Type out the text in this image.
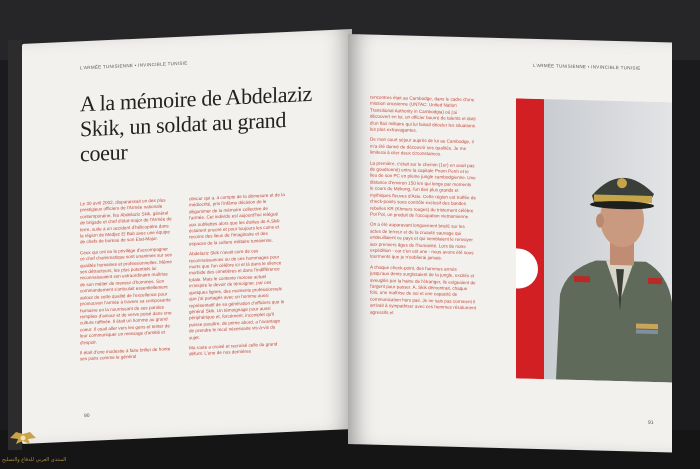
L'ARMÉE TUNISIENNE • INVINCIBLE TUNISIE
A la mémoire de Abdelaziz Skik, un soldat au grand coeur

Le 30 avril 2002, disparaissait un des plus prestigieux officiers de l'Armée nationale contemporaine, feu Abdelaziz Skik, général de brigade et chef d'état-major de l'Armée de terre, suite à un accident d'hélicoptère dans la région de Medjez El Bab avec une équipe de chefs de bureau de son Etat-Major.

Ceux qui ont eu le privilège d'accompagner ce chef charismatique sont unanimes sur ses qualités humaines et professionnelles. Même ses détracteurs, les plus potentiels lui reconnaissaient son extraordinaire maîtrise de son métier de meneur d'hommes. Son commandement s'articulait essentiellement autour de cette qualité de l'excellence pour promouvoir l'armée à travers sa composante humaine en la nourrissant de ses paroles remplies d'amour et de verve puisé dans une culture raffinée. Il était un homme au grand coeur. Il osait aller vers les gens et tenter de leur communiquer un message d'amitié et d'espoir.

Il était d'une modestie à faire briller de honte ses pairs comme le général

obscur qui a, à compte de la démesure et de la médiocrité, pris l'infâme décision de le dégommer de la mémoire collective de l'armée. Cet individu est aujourd'hui relégué aux oubliettes alors que les étoiles de A.Skik éclairent encore et pour toujours les coins et recoins des lieux de l'imaginaire et des espaces de la culture militaire tunisienne.

Abdelaziz Skik n'avait cure de ces reconnaissances ou de ces hommages pour morts que l'on célèbre ici et là dans le silence morbide des cimetières et dans l'indifférence totale. Mais le contexte morose actuel m'inspire le devoir de témoigner, par ces quelques lignes, des moments professionnels que j'ai partagés avec un homme aussi représentatif de sa génération d'officiers que le général Skik. Un témoignage pour aussi périphérique et, forcément, incomplet qu'il puisse paraître, de prime abord, a l'avantage de prendre le recul nécessaire vis-à-vis du sujet.

Ma route a croisé et recroisé celle du grand défunt. L'une de nos dernières

90
L'ARMÉE TUNISIENNE • INVINCIBLE TUNISIE

rencontres était au Cambodge, dans le cadre d'une mission onusienne (UNTAC: United Nation Transitional Authority in Cambodgia) où j'ai découvert en lui, un officier bourré de talents et doté d'un flair militaire qui lui faisait déceler les situations les plus extravagantes.

De mon court séjour auprès de lui au Cambodge, il m'a été donné de découvrir ses qualités. Je me limiterai à citer deux circonstances.

La première, c'était sur le chemin (1er) en avait pas de goudronné) entre la capitale Pnom Penh et le lieu de son PC en pleine jungle cambodgienne. Une distance d'environ 150 km qui longe par moments le cours du Mékong, l'un des plus grands et mythiques fleuves d'Asie. Cette région est truffée de check-points sous contrôle exclusif des bandes rebelles KR (Khmers rouges) du tristement célèbre Pol Pot, un produit de l'occupation vietnamienne.

On a été auparavant longuement briefé sur les actes de terreur et de la cruauté sauvage qui endeuillaient ce pays et qui semblaient le renvoyer aux premiers âges de l'humanité. Lors de notre expédition - car c'en est une - nous avons été sous tourments que je n'oublierai jamais.

A chaque check-point, des hommes armés jusqu'aux dents surgissaient de la jungle, excités et aveuglés par la haine de l'étranger, ils exigeaient de l'argent pour passer. A. Skik démontrait, chaque fois, une maîtrise de soi et une capacité de communication hors pair. Je ne sais pas comment il arrivait à sympathiser avec ces hommes résolument agressifs et

91
المنتدى العربي للدفاع والتسليح
